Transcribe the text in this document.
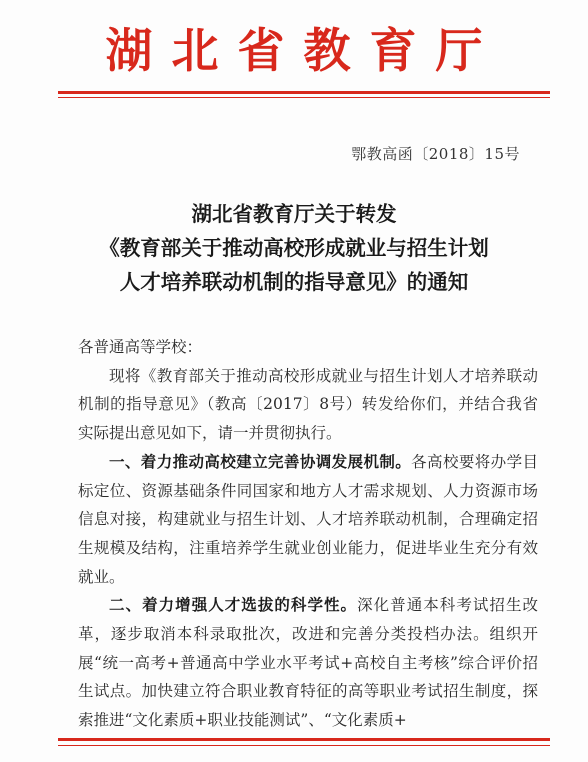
湖北省教育厅
鄂教高函〔2018〕15号
湖北省教育厅关于转发
《教育部关于推动高校形成就业与招生计划
人才培养联动机制的指导意见》的通知

各普通高等学校：

现将《教育部关于推动高校形成就业与招生计划人才培养联动机制的指导意见》（教高〔2017〕8号）转发给你们，并结合我省实际提出意见如下，请一并贯彻执行。

一、着力推动高校建立完善协调发展机制。各高校要将办学目标定位、资源基础条件同国家和地方人才需求规划、人力资源市场信息对接，构建就业与招生计划、人才培养联动机制，合理确定招生规模及结构，注重培养学生就业创业能力，促进毕业生充分有效就业。

二、着力增强人才选拔的科学性。深化普通本科考试招生改革，逐步取消本科录取批次，改进和完善分类投档办法。组织开展“统一高考+普通高中学业水平考试+高校自主考核”综合评价招生试点。加快建立符合职业教育特征的高等职业考试招生制度，探索推进“文化素质+职业技能测试”、“文化素质+
